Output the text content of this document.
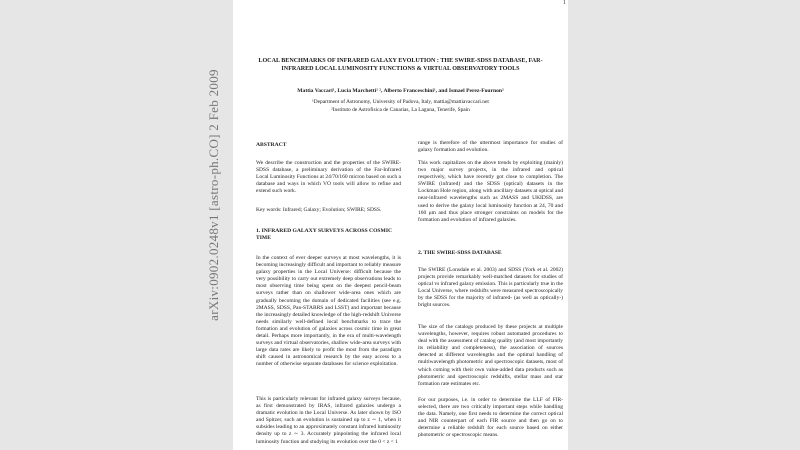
arXiv:0902.0248v1 [astro-ph.CO] 2 Feb 2009
LOCAL BENCHMARKS OF INFRARED GALAXY EVOLUTION : THE SWIRE-SDSS DATABASE, FAR-INFRARED LOCAL LUMINOSITY FUNCTIONS & VIRTUAL OBSERVATORY TOOLS
Mattia Vaccari¹, Lucia Marchetti¹ ², Alberto Franceschini¹, and Ismael Perez-Fournon²
¹Department of Astronomy, University of Padova, Italy, mattia@mattiavaccari.net
²Instituto de Astrofisica de Canarias, La Laguna, Tenerife, Spain
ABSTRACT
We describe the construction and the properties of the SWIRE-SDSS database, a preliminary derivation of the Far-Infrared Local Luminosity Functions at 24/70/160 micron based on such a database and ways in which VO tools will allow to refine and extend such work.
Key words: Infrared; Galaxy; Evolution; SWIRE; SDSS.
1. INFRARED GALAXY SURVEYS ACROSS COSMIC TIME
In the context of ever deeper surveys at most wavelengths, it is becoming increasingly difficult and important to reliably measure galaxy properties in the Local Universe: difficult because the very possibility to carry out extremely deep observations leads to most observing time being spent on the deepest pencil-beam surveys rather than on shallower wide-area ones which are gradually becoming the domain of dedicated facilities (see e.g. 2MASS, SDSS, Pan-STARRS and LSST) and important because the increasingly detailed knowledge of the high-redshift Universe needs similarly well-defined local benchmarks to trace the formation and evolution of galaxies across cosmic time in great detail. Perhaps more importantly, in the era of multi-wavelength surveys and virtual observatories, shallow wide-area surveys with large data rates are likely to profit the most from the paradigm shift caused in astronomical research by the easy access to a number of otherwise separate databases for science exploitation.
This is particularly relevant for infrared galaxy surveys because, as first demonstrated by IRAS, infrared galaxies undergo a dramatic evolution in the Local Universe. As later shown by ISO and Spitzer, such an evolution is sustained up to z ∼ 1, when it subsides leading to an approximately constant infrared luminosity density up to z ∼ 3. Accurately pinpointing the infrared local luminosity function and studying its evolution over the 0 < z < 1
range is therefore of the uttermost importance for studies of galaxy formation and evolution.
This work capitalizes on the above trends by exploiting (mainly) two major survey projects, in the infrared and optical respectively, which have recently got close to completion. The SWIRE (infrared) and the SDSS (optical) datasets in the Lockman Hole region, along with ancillary datasets at optical and near-infrared wavelengths such as 2MASS and UKIDSS, are used to derive the galaxy local luminosity function at 24, 70 and 160 μm and thus place stronger constraints on models for the formation and evolution of infrared galaxies.
2. THE SWIRE-SDSS DATABASE
The SWIRE (Lonsdale et al. 2003) and SDSS (York et al. 2002) projects provide remarkably well-matched datasets for studies of optical vs infrared galaxy emission. This is particularly true in the Local Universe, where redshifts were measured spectroscopically by the SDSS for the majority of infrared- (as well as optically-) bright sources.
The size of the catalogs produced by these projects at multiple wavelengths, however, requires robust automated procedures to deal with the assessment of catalog quality (and most importantly its reliability and completeness), the association of sources detected at different wavelengths and the optimal handling of multiwavelength photometric and spectroscopic datasets, most of which coming with their own value-added data products such as photometric and spectroscopic redshifts, stellar mass and star formation rate estimates etc.
For our purposes, i.e. in order to determine the LLF of FIR-selected, there are two critically important steps while handling the data. Namely, one first needs to determine the correct optical and NIR counterpart of each FIR source and then go on to determine a reliable redshift for each source based on either photometric or spectroscopic means.
1
